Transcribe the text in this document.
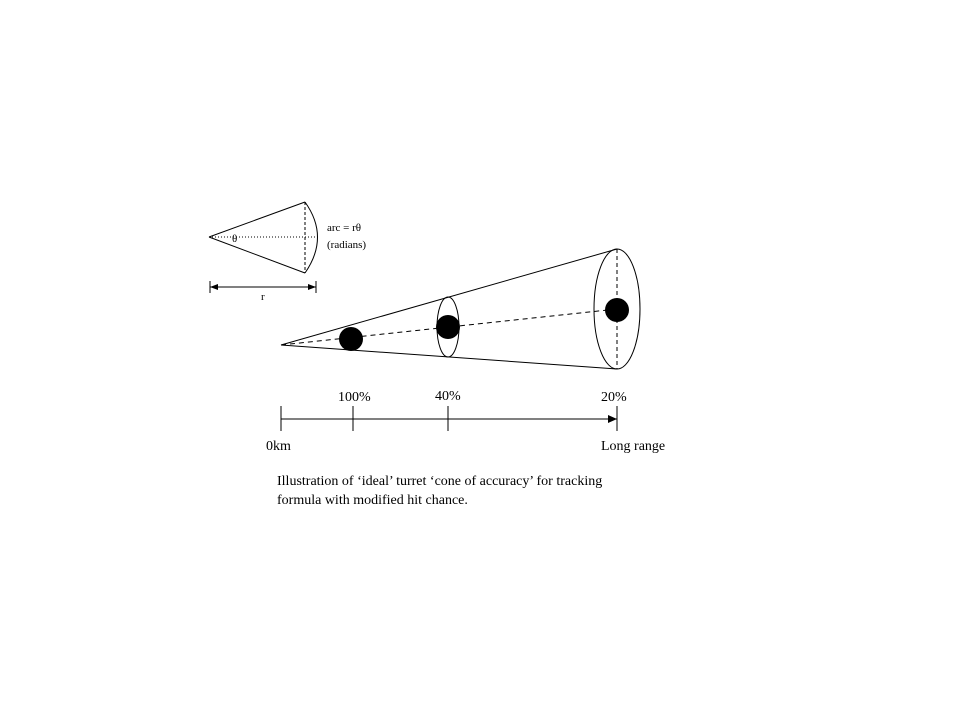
θ
arc = rθ
(radians)
r
100%	40%	20%
0km	Long range
Illustration of ‘ideal’ turret ‘cone of accuracy’ for tracking
formula with modified hit chance.
